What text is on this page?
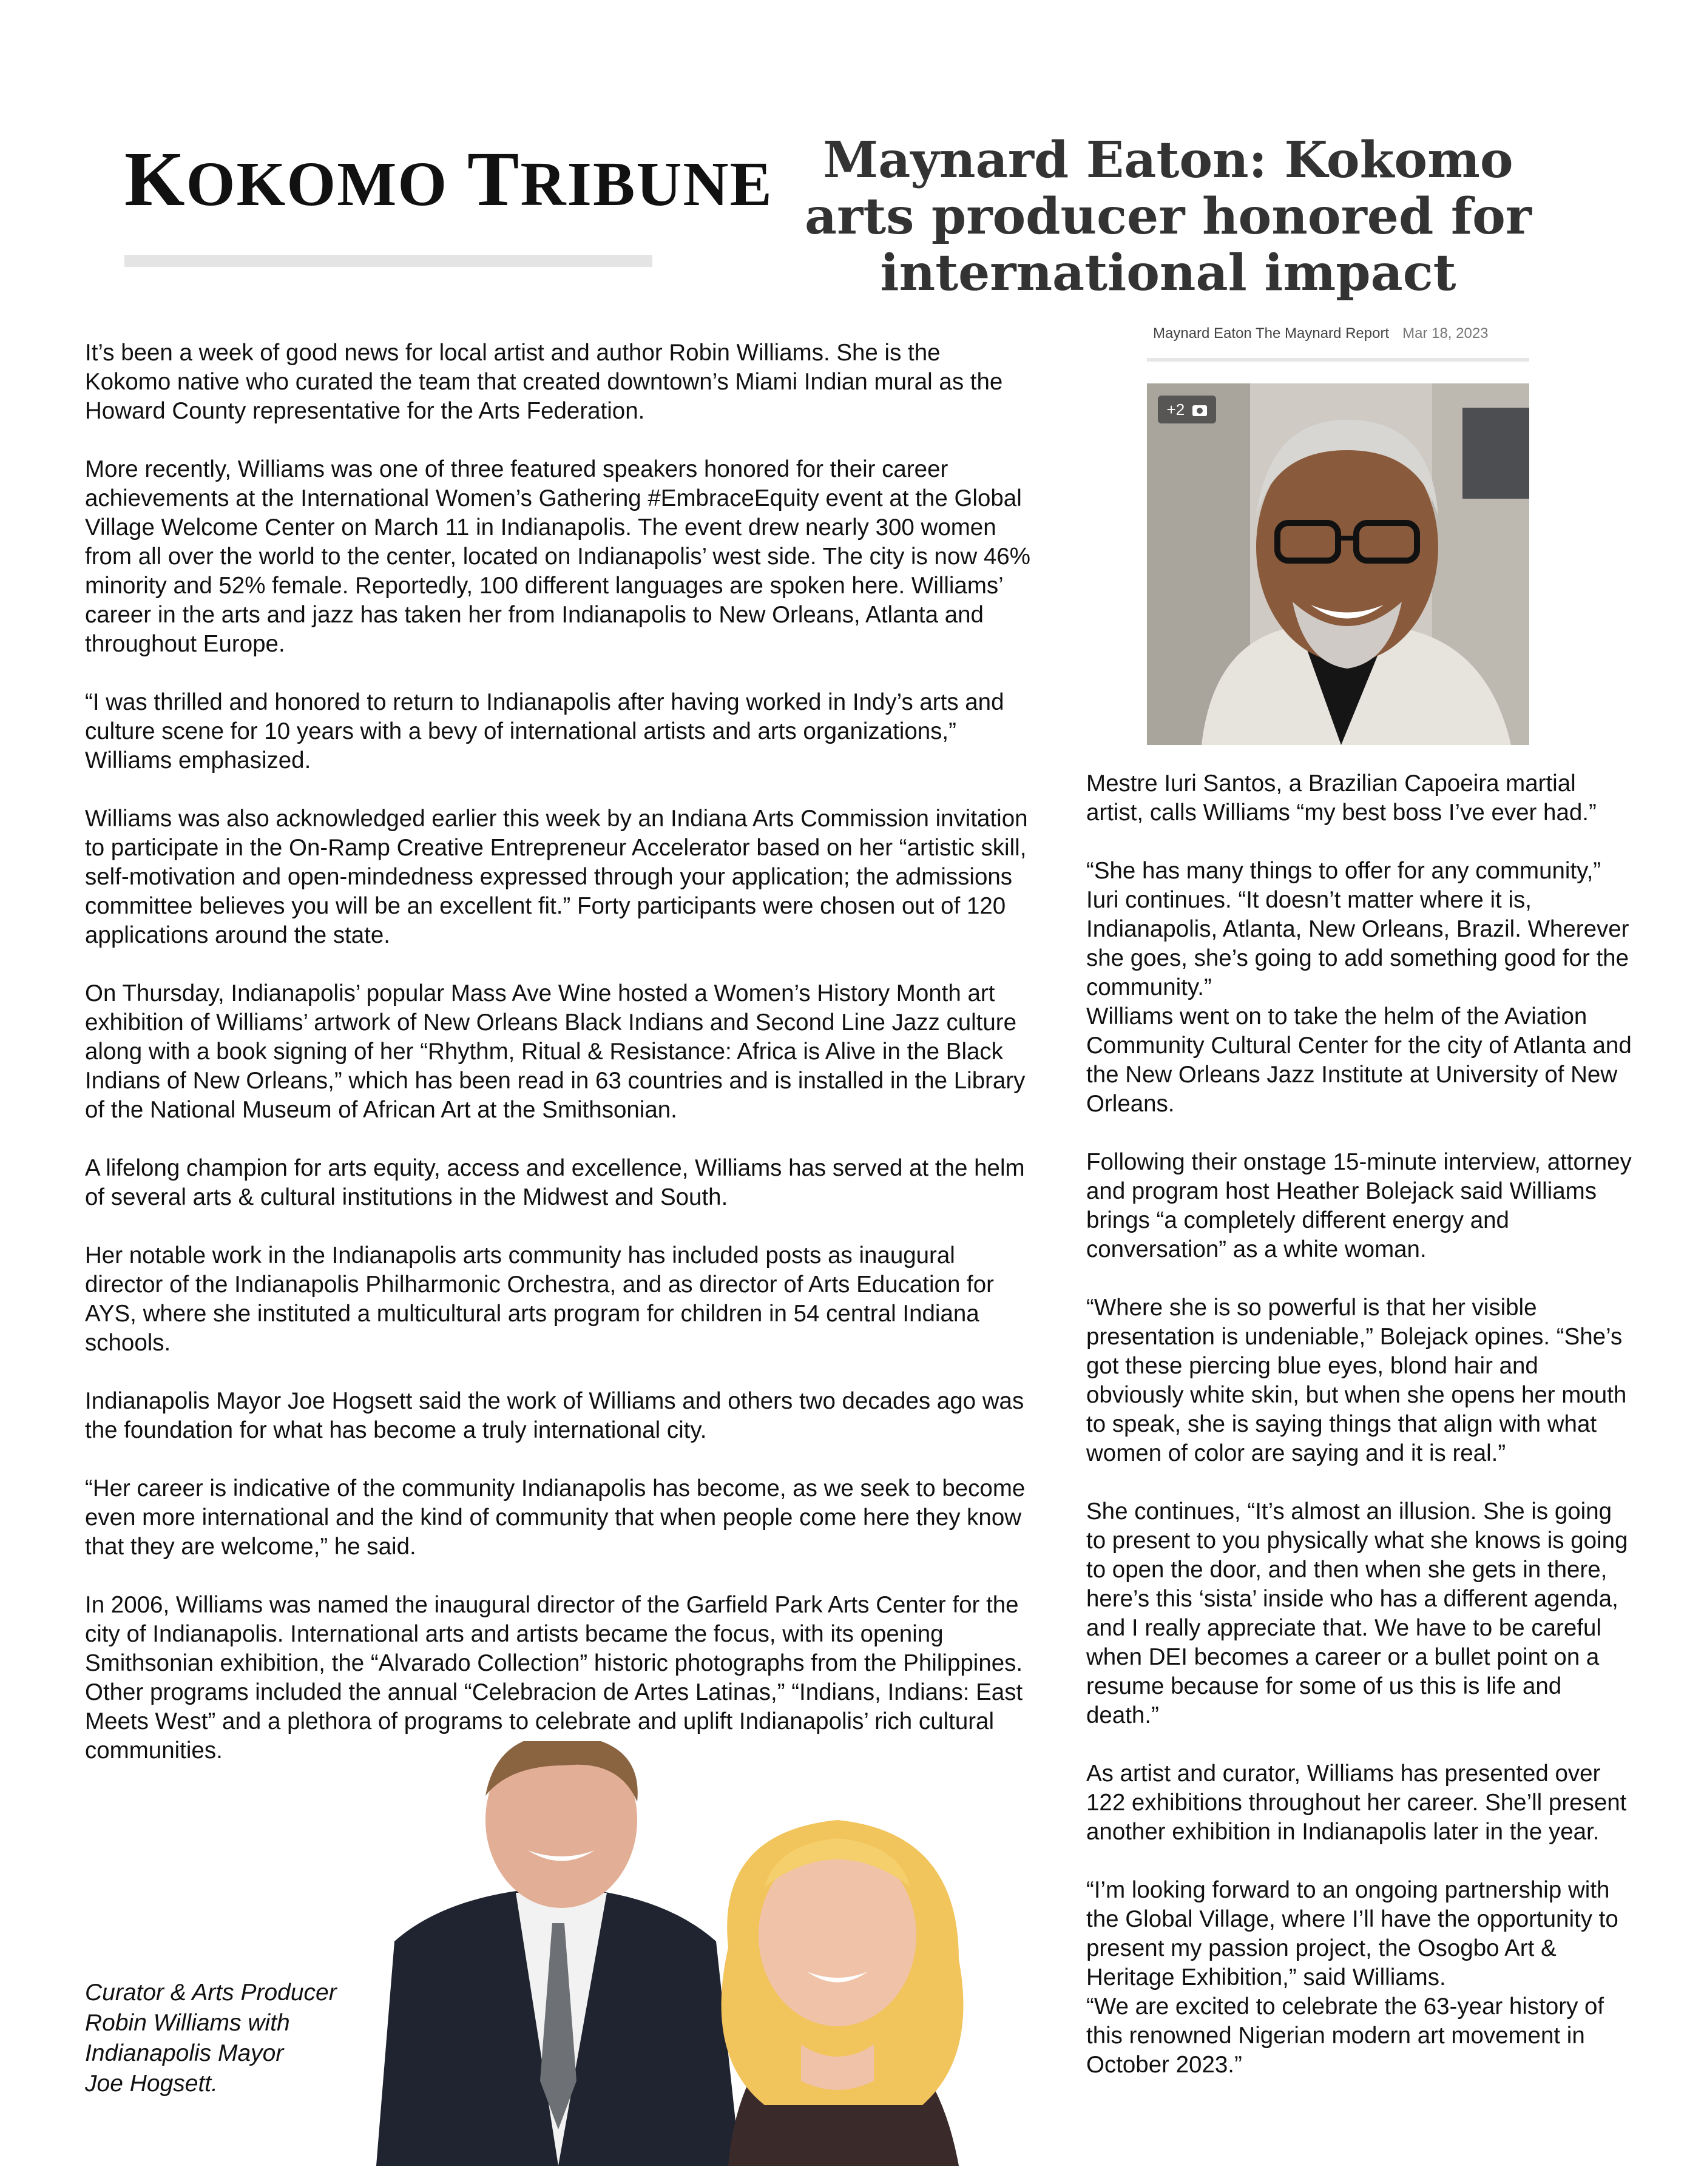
KOKOMO TRIBUNE	Maynard Eaton: Kokomo arts producer honored for international impact
Maynard Eaton The Maynard Report Mar 18, 2023
+2

It’s been a week of good news for local artist and author Robin Williams. She is the Kokomo native who curated the team that created downtown’s Miami Indian mural as the Howard County representative for the Arts Federation.

More recently, Williams was one of three featured speakers honored for their career achievements at the International Women’s Gathering #EmbraceEquity event at the Global Village Welcome Center on March 11 in Indianapolis. The event drew nearly 300 women from all over the world to the center, located on Indianapolis’ west side. The city is now 46% minority and 52% female. Reportedly, 100 different languages are spoken here. Williams’ career in the arts and jazz has taken her from Indianapolis to New Orleans, Atlanta and throughout Europe.

“I was thrilled and honored to return to Indianapolis after having worked in Indy’s arts and culture scene for 10 years with a bevy of international artists and arts organizations,” Williams emphasized.

Williams was also acknowledged earlier this week by an Indiana Arts Commission invitation to participate in the On-Ramp Creative Entrepreneur Accelerator based on her “artistic skill, self-motivation and open-mindedness expressed through your application; the admissions committee believes you will be an excellent fit.” Forty participants were chosen out of 120 applications around the state.

On Thursday, Indianapolis’ popular Mass Ave Wine hosted a Women’s History Month art exhibition of Williams’ artwork of New Orleans Black Indians and Second Line Jazz culture along with a book signing of her “Rhythm, Ritual & Resistance: Africa is Alive in the Black Indians of New Orleans,” which has been read in 63 countries and is installed in the Library of the National Museum of African Art at the Smithsonian.

A lifelong champion for arts equity, access and excellence, Williams has served at the helm of several arts & cultural institutions in the Midwest and South.

Her notable work in the Indianapolis arts community has included posts as inaugural director of the Indianapolis Philharmonic Orchestra, and as director of Arts Education for AYS, where she instituted a multicultural arts program for children in 54 central Indiana schools.

Indianapolis Mayor Joe Hogsett said the work of Williams and others two decades ago was the foundation for what has become a truly international city.

“Her career is indicative of the community Indianapolis has become, as we seek to become even more international and the kind of community that when people come here they know that they are welcome,” he said.

In 2006, Williams was named the inaugural director of the Garfield Park Arts Center for the city of Indianapolis. International arts and artists became the focus, with its opening Smithsonian exhibition, the “Alvarado Collection” historic photographs from the Philippines. Other programs included the annual “Celebracion de Artes Latinas,” “Indians, Indians: East Meets West” and a plethora of programs to celebrate and uplift Indianapolis’ rich cultural communities.

Mestre Iuri Santos, a Brazilian Capoeira martial artist, calls Williams “my best boss I’ve ever had.”

“She has many things to offer for any community,” Iuri continues. “It doesn’t matter where it is, Indianapolis, Atlanta, New Orleans, Brazil. Wherever she goes, she’s going to add something good for the community.”

Williams went on to take the helm of the Aviation Community Cultural Center for the city of Atlanta and the New Orleans Jazz Institute at University of New Orleans.

Following their onstage 15-minute interview, attorney and program host Heather Bolejack said Williams brings “a completely different energy and conversation” as a white woman.

“Where she is so powerful is that her visible presentation is undeniable,” Bolejack opines. “She’s got these piercing blue eyes, blond hair and obviously white skin, but when she opens her mouth to speak, she is saying things that align with what women of color are saying and it is real.”

She continues, “It’s almost an illusion. She is going to present to you physically what she knows is going to open the door, and then when she gets in there, here’s this ‘sista’ inside who has a different agenda, and I really appreciate that. We have to be careful when DEI becomes a career or a bullet point on a resume because for some of us this is life and death.”

As artist and curator, Williams has presented over 122 exhibitions throughout her career. She’ll present another exhibition in Indianapolis later in the year.

“I’m looking forward to an ongoing partnership with the Global Village, where I’ll have the opportunity to present my passion project, the Osogbo Art & Heritage Exhibition,” said Williams.

“We are excited to celebrate the 63-year history of this renowned Nigerian modern art movement in October 2023.”

Curator & Arts Producer

Robin Williams with

Indianapolis Mayor

Joe Hogsett.
